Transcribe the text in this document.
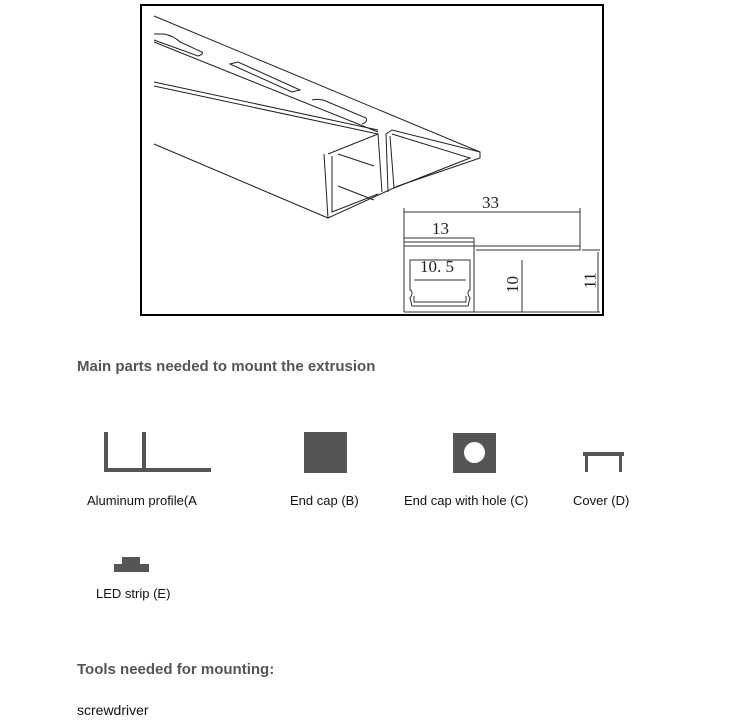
33
13
10. 5
10	11
Main parts needed to mount the extrusion
Aluminum profile(A	End cap (B)	End cap with hole (C)	Cover (D)
LED strip (E)
Tools needed for mounting:
screwdriver
